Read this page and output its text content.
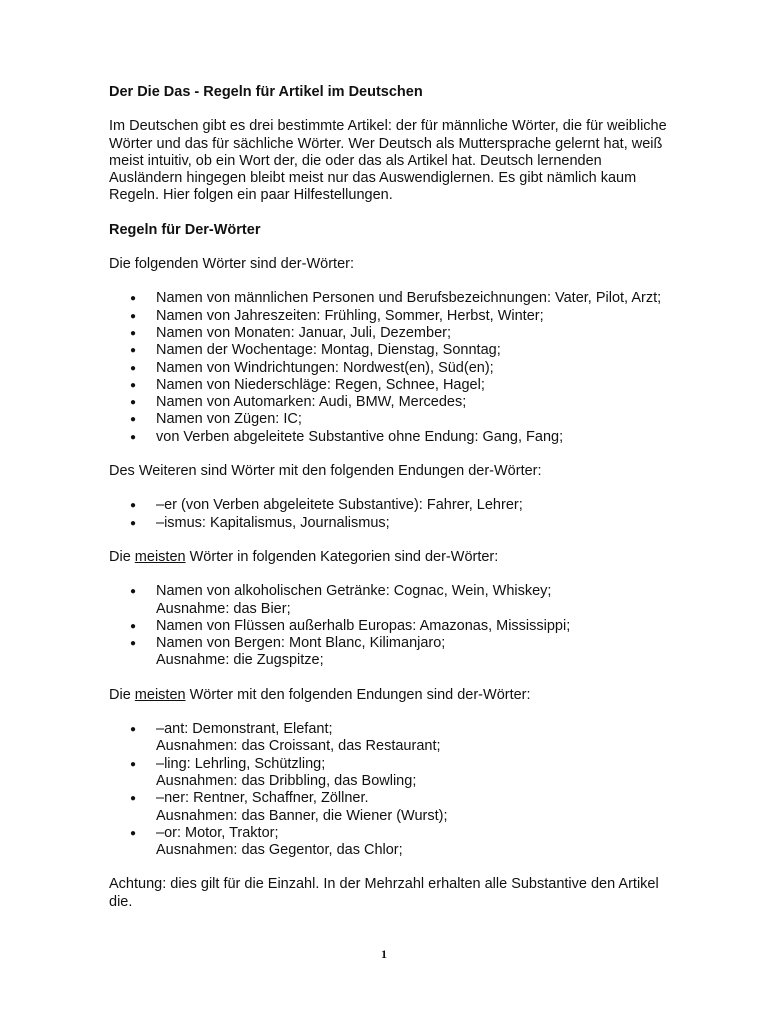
Der Die Das - Regeln für Artikel im Deutschen

Im Deutschen gibt es drei bestimmte Artikel: der für männliche Wörter, die für weibliche Wörter und das für sächliche Wörter. Wer Deutsch als Muttersprache gelernt hat, weiß meist intuitiv, ob ein Wort der, die oder das als Artikel hat. Deutsch lernenden Ausländern hingegen bleibt meist nur das Auswendiglernen. Es gibt nämlich kaum Regeln. Hier folgen ein paar Hilfestellungen.

Regeln für Der-Wörter

Die folgenden Wörter sind der-Wörter:

● Namen von männlichen Personen und Berufsbezeichnungen: Vater, Pilot, Arzt;
● Namen von Jahreszeiten: Frühling, Sommer, Herbst, Winter;
● Namen von Monaten: Januar, Juli, Dezember;
● Namen der Wochentage: Montag, Dienstag, Sonntag;
● Namen von Windrichtungen: Nordwest(en), Süd(en);
● Namen von Niederschläge: Regen, Schnee, Hagel;
● Namen von Automarken: Audi, BMW, Mercedes;
● Namen von Zügen: IC;
● von Verben abgeleitete Substantive ohne Endung: Gang, Fang;

Des Weiteren sind Wörter mit den folgenden Endungen der-Wörter:

● –er (von Verben abgeleitete Substantive): Fahrer, Lehrer;
● –ismus: Kapitalismus, Journalismus;

Die meisten Wörter in folgenden Kategorien sind der-Wörter:

● Namen von alkoholischen Getränke: Cognac, Wein, Whiskey;
Ausnahme: das Bier;
● Namen von Flüssen außerhalb Europas: Amazonas, Mississippi;
● Namen von Bergen: Mont Blanc, Kilimanjaro;
Ausnahme: die Zugspitze;

Die meisten Wörter mit den folgenden Endungen sind der-Wörter:

● –ant: Demonstrant, Elefant;
Ausnahmen: das Croissant, das Restaurant;
● –ling: Lehrling, Schützling;
Ausnahmen: das Dribbling, das Bowling;
● –ner: Rentner, Schaffner, Zöllner.
Ausnahmen: das Banner, die Wiener (Wurst);
● –or: Motor, Traktor;
Ausnahmen: das Gegentor, das Chlor;

Achtung: dies gilt für die Einzahl. In der Mehrzahl erhalten alle Substantive den Artikel die.

1
